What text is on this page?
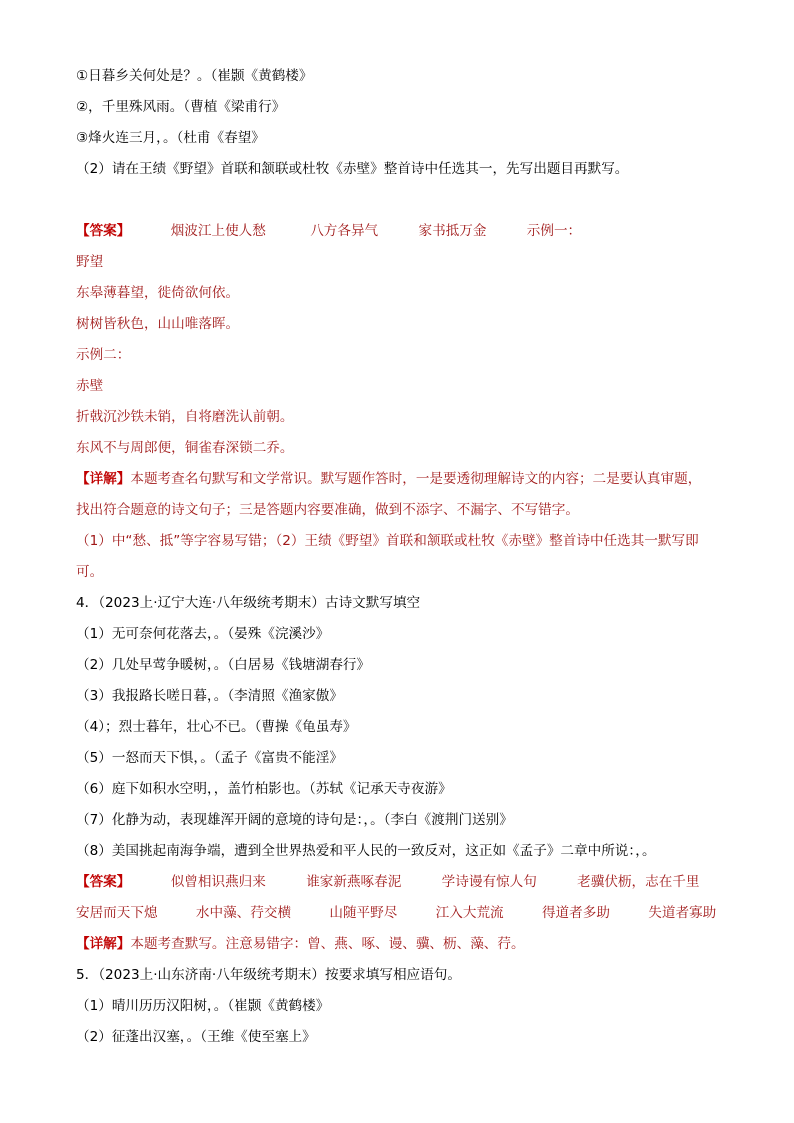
①日暮乡关何处是？。（崔颢《黄鹤楼》
②，千里殊风雨。（曹植《梁甫行》
③烽火连三月，。（杜甫《春望》
（2）请在王绩《野望》首联和颔联或杜牧《赤壁》整首诗中任选其一，先写出题目再默写。
【答案】	烟波江上使人愁	八方各异气	家书抵万金	示例一：
野望
东皋薄暮望，徙倚欲何依。
树树皆秋色，山山唯落晖。
示例二：
赤壁
折戟沉沙铁未销，自将磨洗认前朝。
东风不与周郎便，铜雀春深锁二乔。
【详解】本题考查名句默写和文学常识。默写题作答时，一是要透彻理解诗文的内容；二是要认真审题，
找出符合题意的诗文句子；三是答题内容要准确，做到不添字、不漏字、不写错字。
（1）中“愁、抵”等字容易写错；（2）王绩《野望》首联和颔联或杜牧《赤壁》整首诗中任选其一默写即
可。
4．（2023上·辽宁大连·八年级统考期末）古诗文默写填空
（1）无可奈何花落去，。（晏殊《浣溪沙》
（2）几处早莺争暖树，。（白居易《钱塘湖春行》
（3）我报路长嗟日暮，。（李清照《渔家傲》
（4）；烈士暮年，壮心不已。（曹操《龟虽寿》
（5）一怒而天下惧，。（孟子《富贵不能淫》
（6）庭下如积水空明，，盖竹柏影也。（苏轼《记承天寺夜游》
（7）化静为动，表现雄浑开阔的意境的诗句是：，。（李白《渡荆门送别》
（8）美国挑起南海争端，遭到全世界热爱和平人民的一致反对，这正如《孟子》二章中所说：，。
【答案】	似曾相识燕归来	谁家新燕啄春泥	学诗谩有惊人句	老骥伏枥，志在千里
安居而天下熄	水中藻、荇交横	山随平野尽	江入大荒流	得道者多助	失道者寡助
【详解】本题考查默写。注意易错字：曾、燕、啄、谩、骥、枥、藻、荇。
5．（2023上·山东济南·八年级统考期末）按要求填写相应语句。
（1）晴川历历汉阳树，。（崔颢《黄鹤楼》
（2）征蓬出汉塞，。（王维《使至塞上》
